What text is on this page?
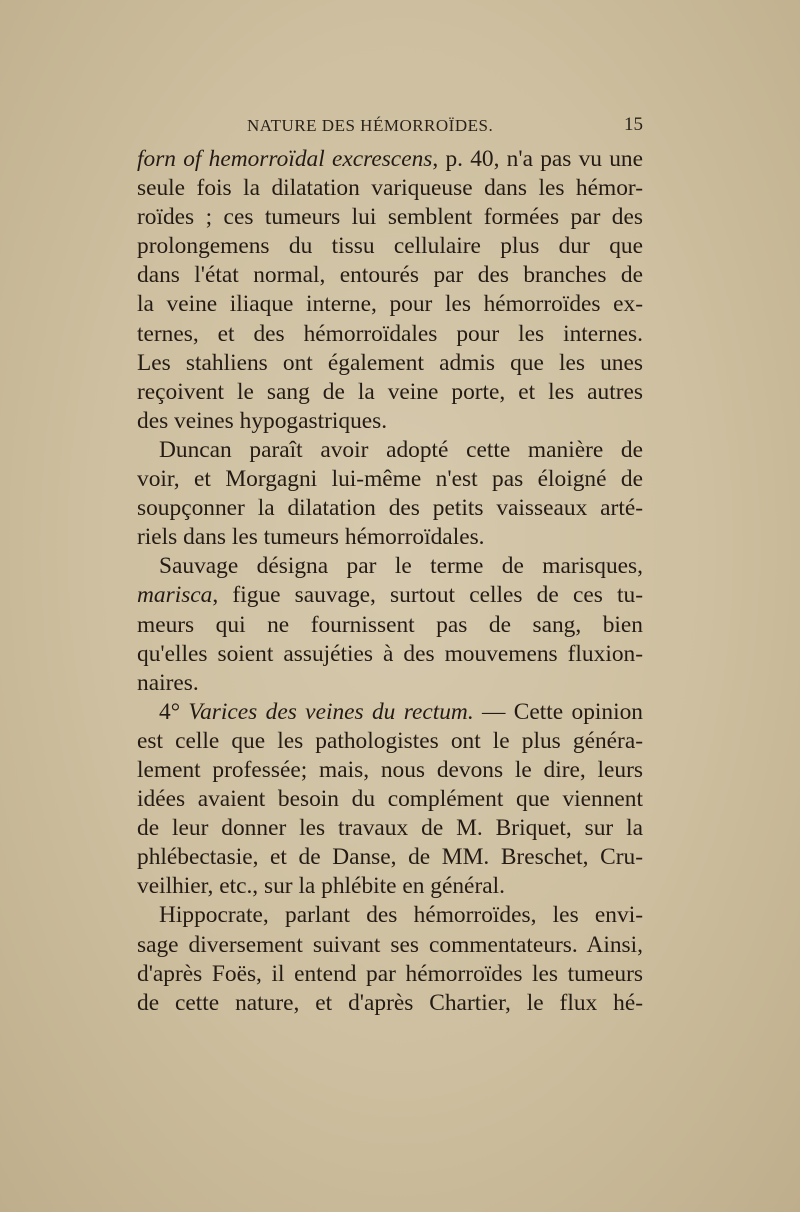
NATURE DES HÉMORROÏDES.	15
forn of hemorroïdal excrescens, p. 40, n'a pas vu une
seule fois la dilatation variqueuse dans les hémor-
roïdes ; ces tumeurs lui semblent formées par des
prolongemens du tissu cellulaire plus dur que
dans l'état normal, entourés par des branches de
la veine iliaque interne, pour les hémorroïdes ex-
ternes, et des hémorroïdales pour les internes.
Les stahliens ont également admis que les unes
reçoivent le sang de la veine porte, et les autres
des veines hypogastriques.
Duncan paraît avoir adopté cette manière de
voir, et Morgagni lui-même n'est pas éloigné de
soupçonner la dilatation des petits vaisseaux arté-
riels dans les tumeurs hémorroïdales.
Sauvage désigna par le terme de marisques,
marisca, figue sauvage, surtout celles de ces tu-
meurs qui ne fournissent pas de sang, bien
qu'elles soient assujéties à des mouvemens fluxion-
naires.
4° Varices des veines du rectum. — Cette opinion
est celle que les pathologistes ont le plus généra-
lement professée; mais, nous devons le dire, leurs
idées avaient besoin du complément que viennent
de leur donner les travaux de M. Briquet, sur la
phlébectasie, et de Danse, de MM. Breschet, Cru-
veilhier, etc., sur la phlébite en général.
Hippocrate, parlant des hémorroïdes, les envi-
sage diversement suivant ses commentateurs. Ainsi,
d'après Foës, il entend par hémorroïdes les tumeurs
de cette nature, et d'après Chartier, le flux hé-
